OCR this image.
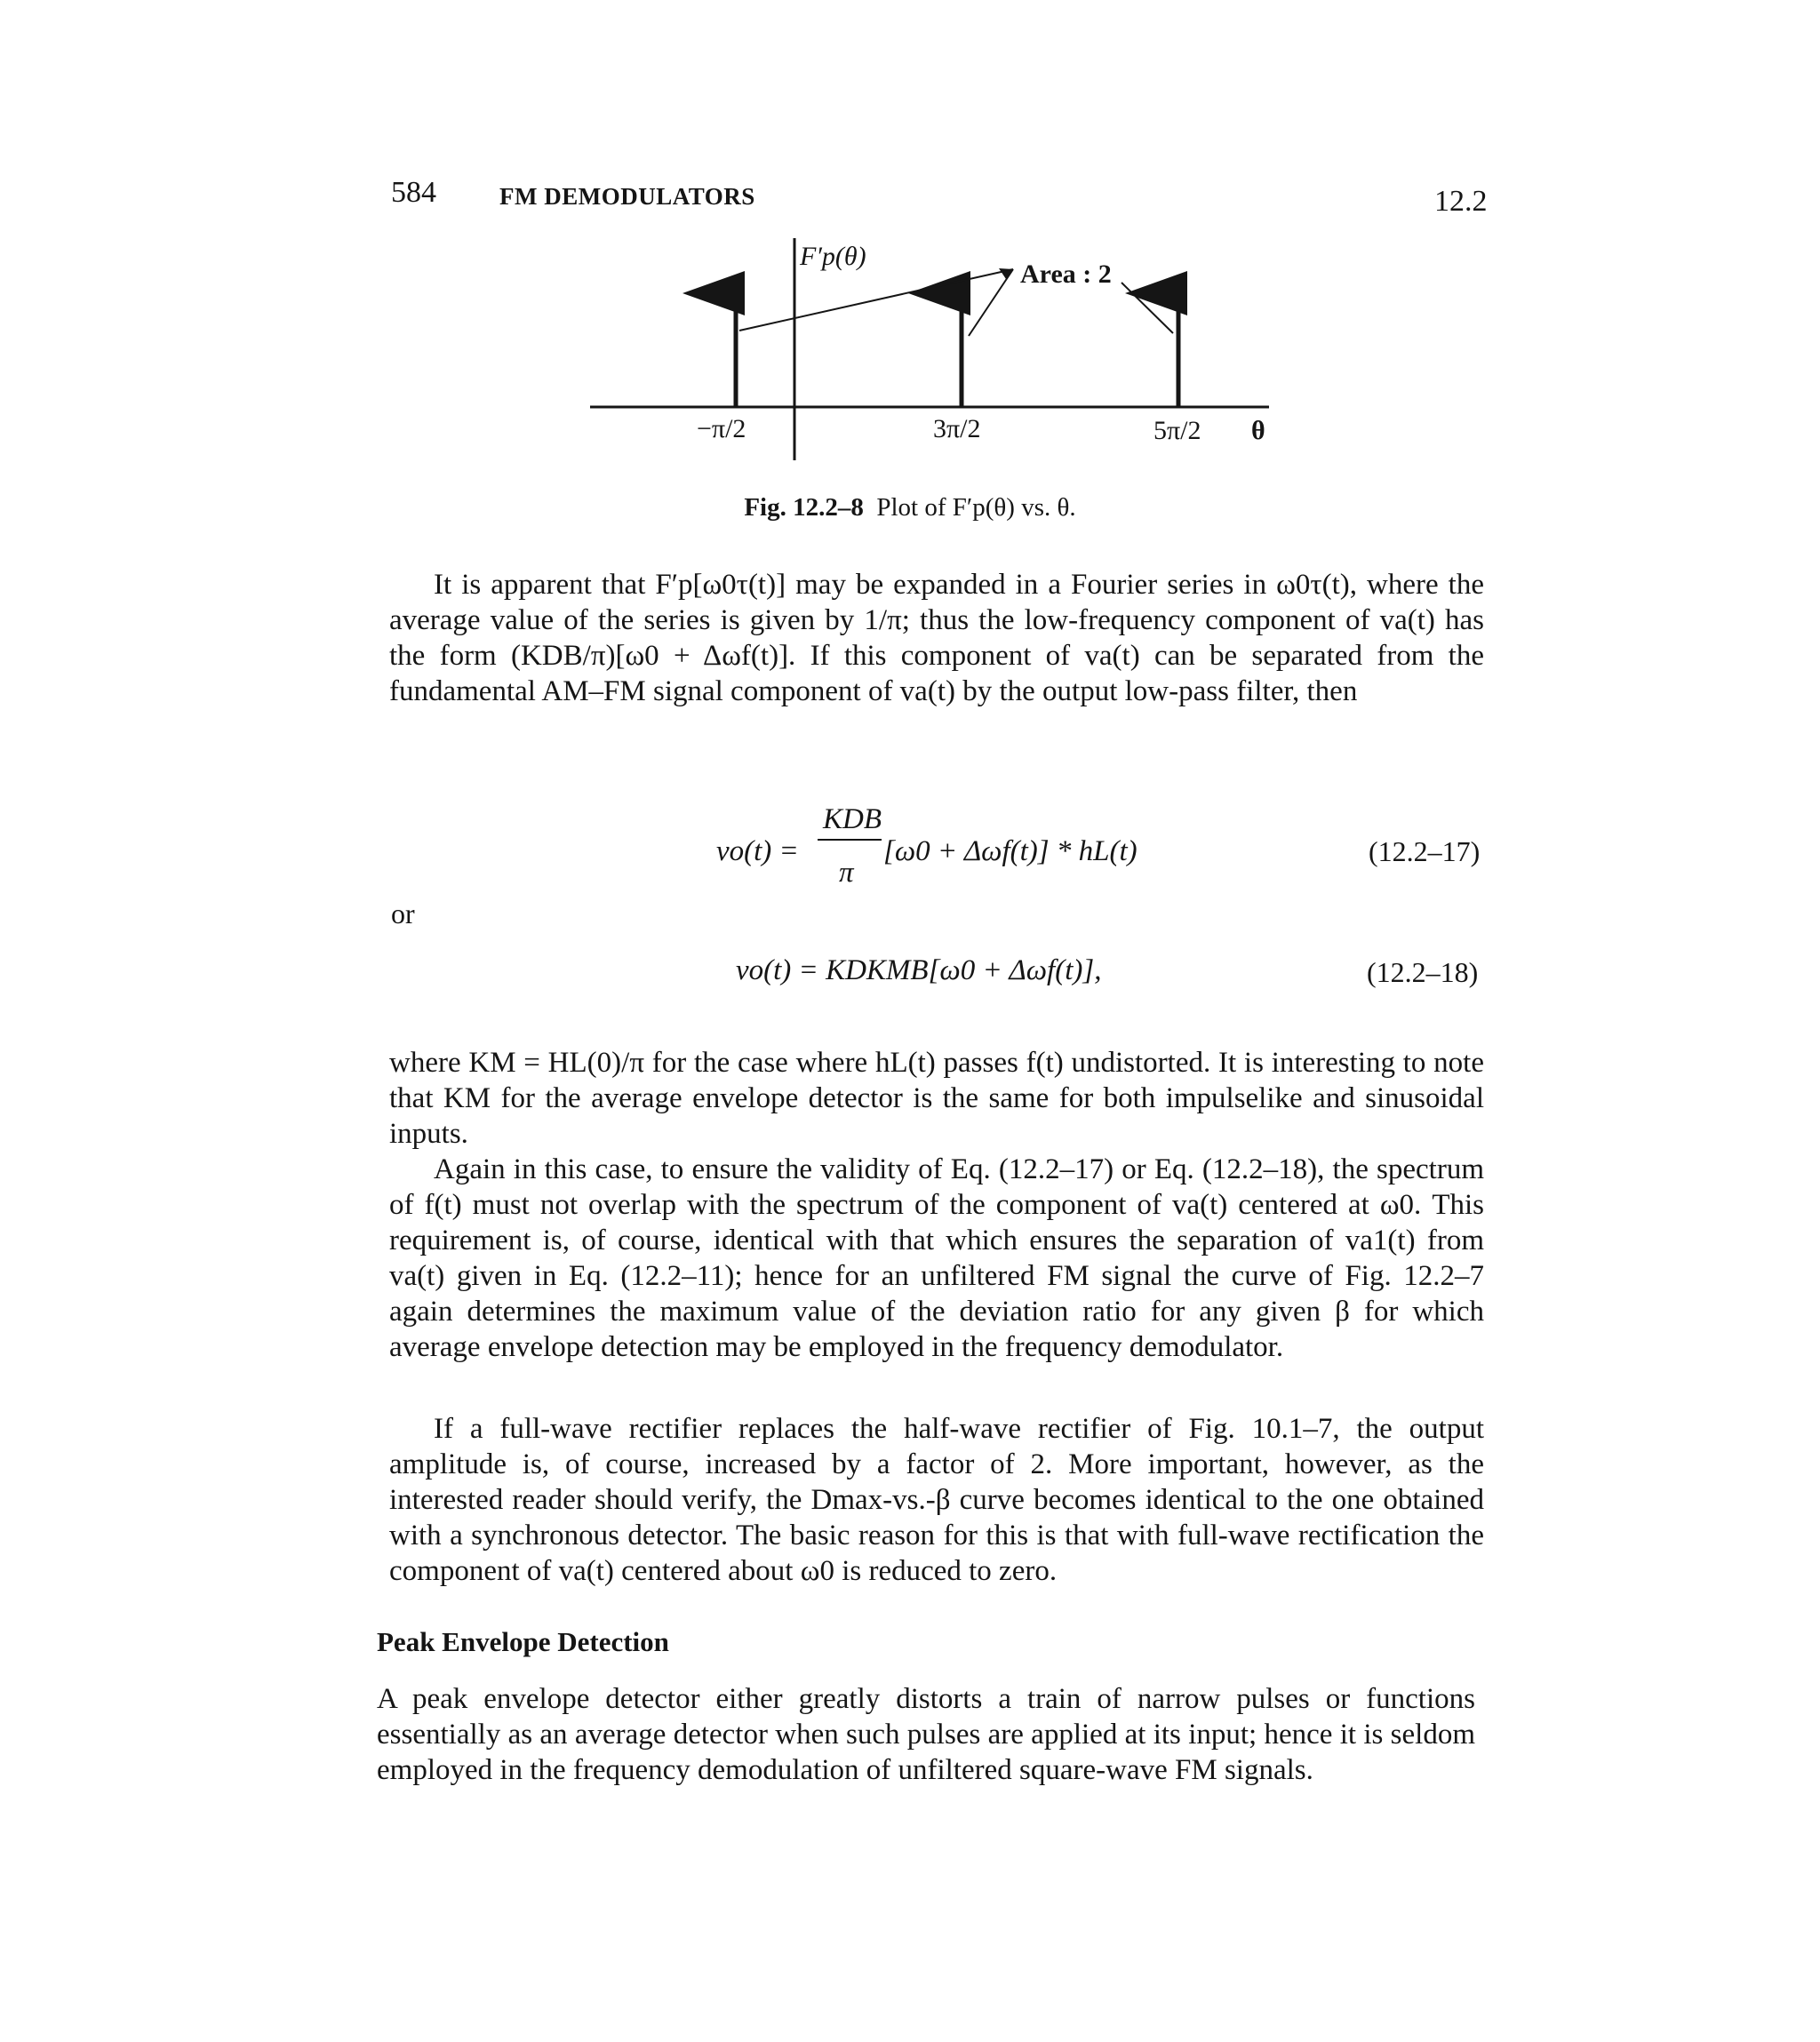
584	FM DEMODULATORS	12.2
F′p(θ)
Area : 2
−π/2	3π/2	5π/2 θ
Fig. 12.2–8 Plot of F′p(θ) vs. θ.
It is apparent that F′p[ω0τ(t)] may be expanded in a Fourier series in ω0τ(t), where the average value of the series is given by 1/π; thus the low-frequency component of va(t) has the form (KDB/π)[ω0 + Δωf(t)]. If this component of va(t) can be separated from the fundamental AM–FM signal component of va(t) by the output low-pass filter, then
vo(t) =
KDB
π
[ω0 + Δωf(t)] * hL(t)	(12.2–17)
or
vo(t) = KDKMB[ω0 + Δωf(t)],	(12.2–18)
where KM = HL(0)/π for the case where hL(t) passes f(t) undistorted. It is interesting to note that KM for the average envelope detector is the same for both impulselike and sinusoidal inputs.
Again in this case, to ensure the validity of Eq. (12.2–17) or Eq. (12.2–18), the spectrum of f(t) must not overlap with the spectrum of the component of va(t) centered at ω0. This requirement is, of course, identical with that which ensures the separation of va1(t) from va(t) given in Eq. (12.2–11); hence for an unfiltered FM signal the curve of Fig. 12.2–7 again determines the maximum value of the deviation ratio for any given β for which average envelope detection may be employed in the frequency demodulator.
If a full-wave rectifier replaces the half-wave rectifier of Fig. 10.1–7, the output amplitude is, of course, increased by a factor of 2. More important, however, as the interested reader should verify, the Dmax-vs.-β curve becomes identical to the one obtained with a synchronous detector. The basic reason for this is that with full-wave rectification the component of va(t) centered about ω0 is reduced to zero.
Peak Envelope Detection
A peak envelope detector either greatly distorts a train of narrow pulses or functions essentially as an average detector when such pulses are applied at its input; hence it is seldom employed in the frequency demodulation of unfiltered square-wave FM signals.
